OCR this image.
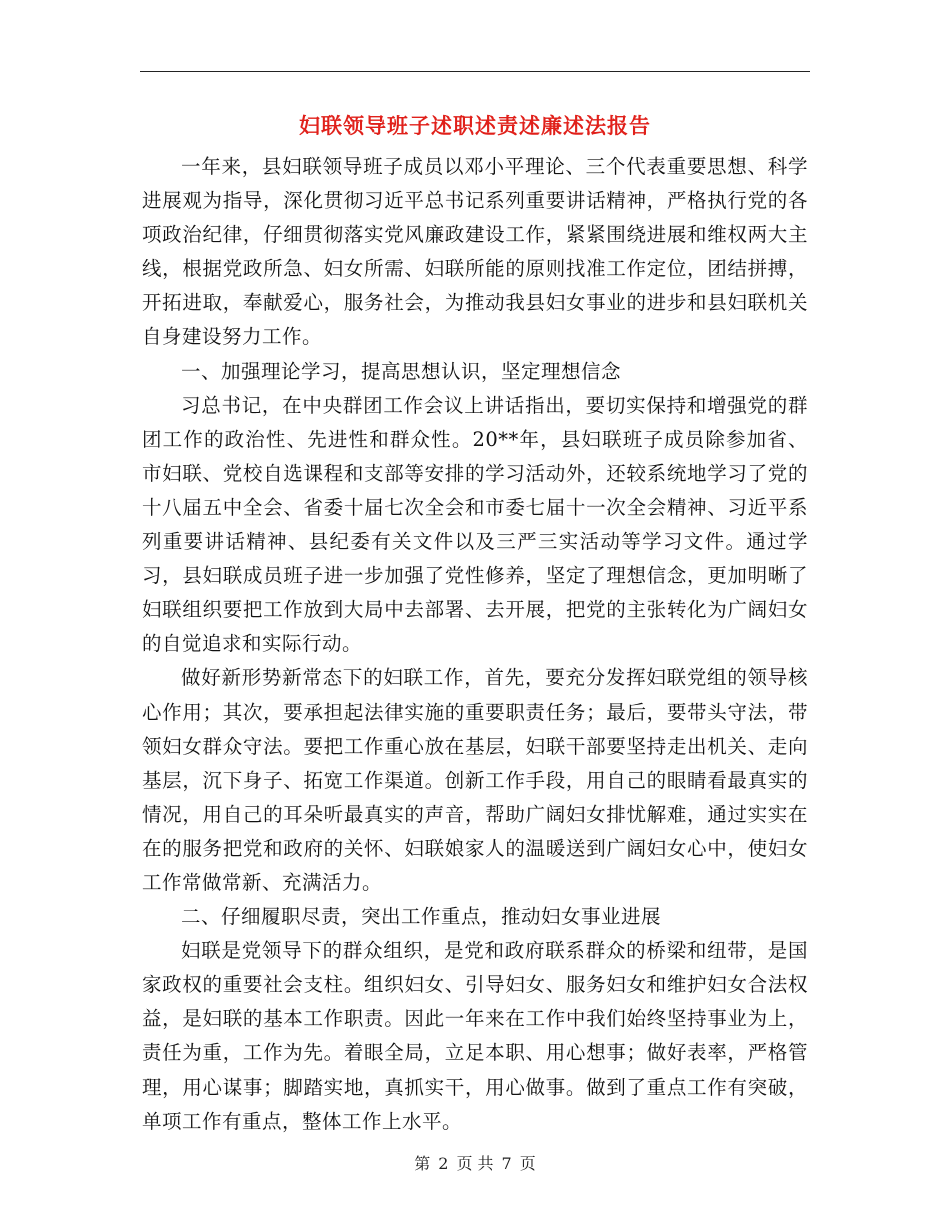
妇联领导班子述职述责述廉述法报告

一年来，县妇联领导班子成员以邓小平理论、三个代表重要思想、科学进展观为指导，深化贯彻习近平总书记系列重要讲话精神，严格执行党的各项政治纪律，仔细贯彻落实党风廉政建设工作，紧紧围绕进展和维权两大主线，根据党政所急、妇女所需、妇联所能的原则找准工作定位，团结拼搏，开拓进取，奉献爱心，服务社会，为推动我县妇女事业的进步和县妇联机关自身建设努力工作。

一、加强理论学习，提高思想认识，坚定理想信念

习总书记，在中央群团工作会议上讲话指出，要切实保持和增强党的群团工作的政治性、先进性和群众性。20**年，县妇联班子成员除参加省、市妇联、党校自选课程和支部等安排的学习活动外，还较系统地学习了党的十八届五中全会、省委十届七次全会和市委七届十一次全会精神、习近平系列重要讲话精神、县纪委有关文件以及三严三实活动等学习文件。通过学习，县妇联成员班子进一步加强了党性修养，坚定了理想信念，更加明晰了妇联组织要把工作放到大局中去部署、去开展，把党的主张转化为广阔妇女的自觉追求和实际行动。

做好新形势新常态下的妇联工作，首先，要充分发挥妇联党组的领导核心作用；其次，要承担起法律实施的重要职责任务；最后，要带头守法，带领妇女群众守法。要把工作重心放在基层，妇联干部要坚持走出机关、走向基层，沉下身子、拓宽工作渠道。创新工作手段，用自己的眼睛看最真实的情况，用自己的耳朵听最真实的声音，帮助广阔妇女排忧解难，通过实实在在的服务把党和政府的关怀、妇联娘家人的温暖送到广阔妇女心中，使妇女工作常做常新、充满活力。

二、仔细履职尽责，突出工作重点，推动妇女事业进展

妇联是党领导下的群众组织，是党和政府联系群众的桥梁和纽带，是国家政权的重要社会支柱。组织妇女、引导妇女、服务妇女和维护妇女合法权益，是妇联的基本工作职责。因此一年来在工作中我们始终坚持事业为上，责任为重，工作为先。着眼全局，立足本职、用心想事；做好表率，严格管理，用心谋事；脚踏实地，真抓实干，用心做事。做到了重点工作有突破，单项工作有重点，整体工作上水平。

第 2 页 共 7 页
